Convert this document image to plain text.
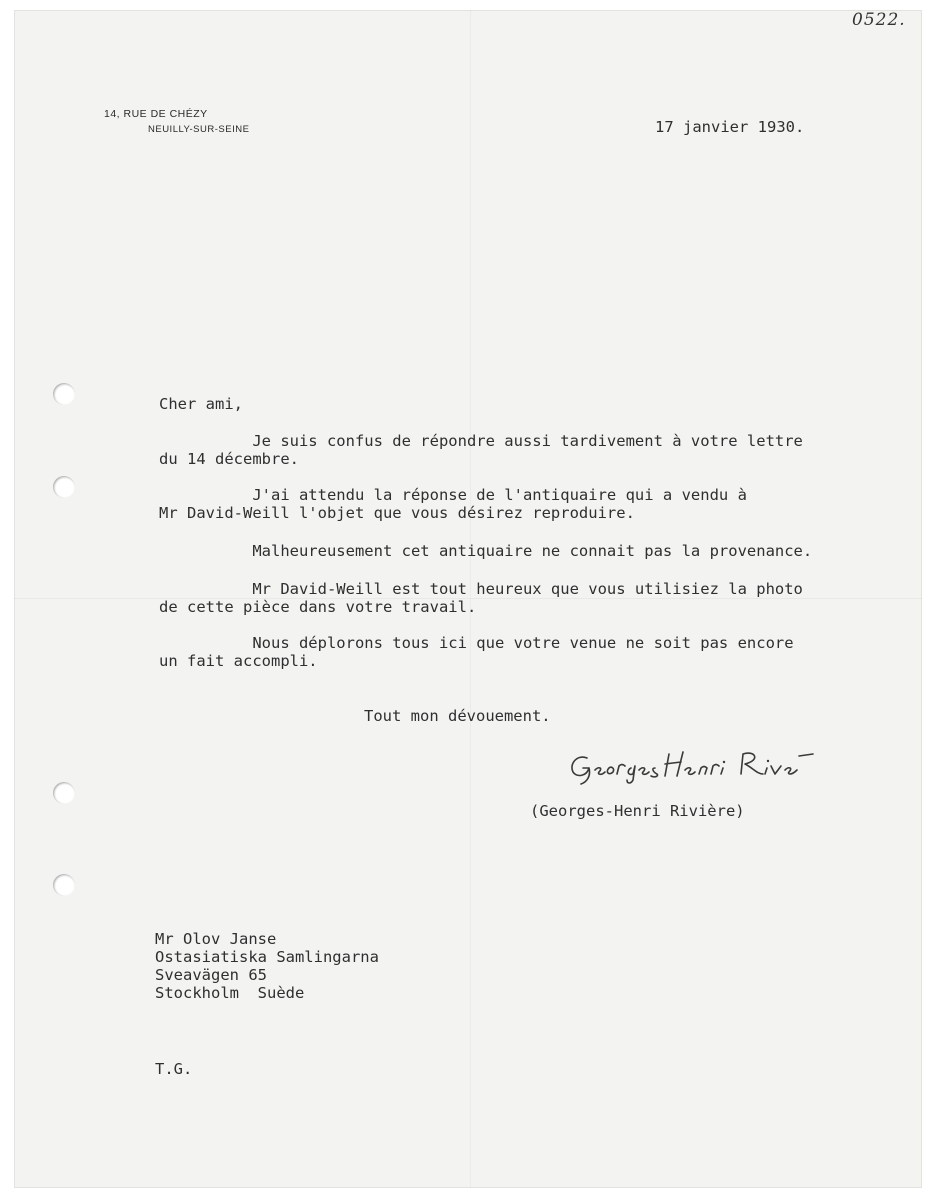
0522.
14, RUE DE CHÉZY
NEUILLY-SUR-SEINE	17 janvier 1930.
Cher ami,
Je suis confus de répondre aussi tardivement à votre lettre
du 14 décembre.
J'ai attendu la réponse de l'antiquaire qui a vendu à
Mr David-Weill l'objet que vous désirez reproduire.
Malheureusement cet antiquaire ne connait pas la provenance.
Mr David-Weill est tout heureux que vous utilisiez la photo
de cette pièce dans votre travail.
Nous déplorons tous ici que votre venue ne soit pas encore
un fait accompli.
Tout mon dévouement.
Georges Henri Rivière
(Georges-Henri Rivière)
Mr Olov Janse
Ostasiatiska Samlingarna
Sveavägen 65
Stockholm  Suède
T.G.
